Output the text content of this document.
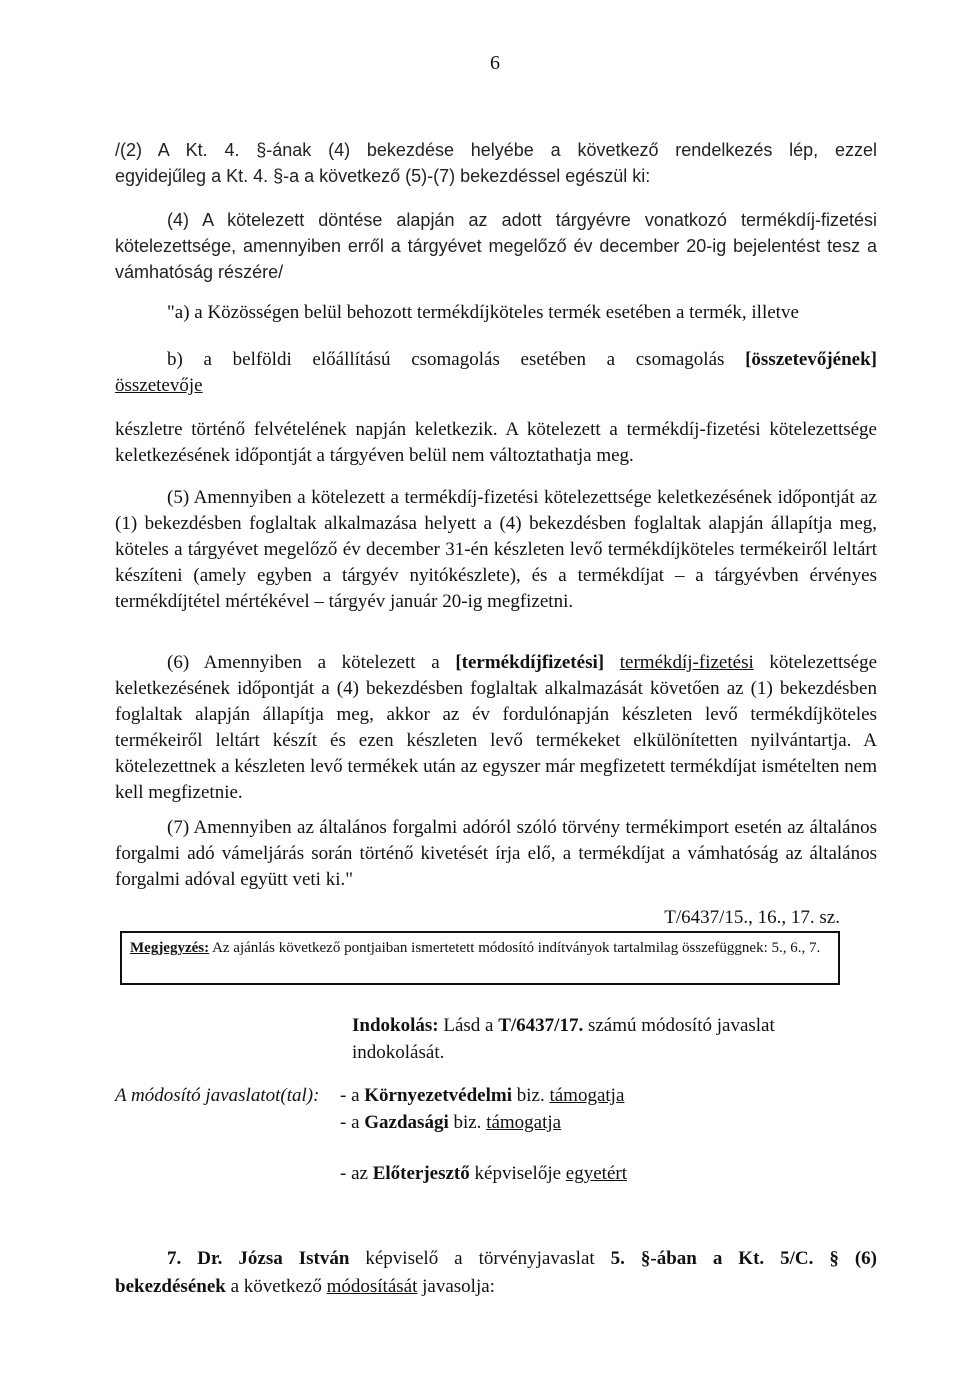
6

/(2) A Kt. 4. §-ának (4) bekezdése helyébe a következő rendelkezés lép, ezzel

egyidejűleg a Kt. 4. §-a a következő (5)-(7) bekezdéssel egészül ki:

(4) A kötelezett döntése alapján az adott tárgyévre vonatkozó termékdíj-fizetési kötelezettsége, amennyiben erről a tárgyévet megelőző év december 20-ig bejelentést tesz a vámhatóság részére/

"a) a Közösségen belül behozott termékdíjköteles termék esetében a termék, illetve

b) a belföldi előállítású csomagolás esetében a csomagolás [összetevőjének]

összetevője

készletre történő felvételének napján keletkezik. A kötelezett a termékdíj-fizetési kötelezettsége keletkezésének időpontját a tárgyéven belül nem változtathatja meg.

(5) Amennyiben a kötelezett a termékdíj-fizetési kötelezettsége keletkezésének időpontját az (1) bekezdésben foglaltak alkalmazása helyett a (4) bekezdésben foglaltak alapján állapítja meg, köteles a tárgyévet megelőző év december 31-én készleten levő termékdíjköteles termékeiről leltárt készíteni (amely egyben a tárgyév nyitókészlete), és a termékdíjat – a tárgyévben érvényes termékdíjtétel mértékével – tárgyév január 20-ig megfizetni.

(6) Amennyiben a kötelezett a [termékdíjfizetési] termékdíj-fizetési kötelezettsége keletkezésének időpontját a (4) bekezdésben foglaltak alkalmazását követően az (1) bekezdésben foglaltak alapján állapítja meg, akkor az év fordulónapján készleten levő termékdíjköteles termékeiről leltárt készít és ezen készleten levő termékeket elkülönítetten nyilvántartja. A kötelezettnek a készleten levő termékek után az egyszer már megfizetett termékdíjat ismételten nem kell megfizetnie.

(7) Amennyiben az általános forgalmi adóról szóló törvény termékimport esetén az általános forgalmi adó vámeljárás során történő kivetését írja elő, a termékdíjat a vámhatóság az általános forgalmi adóval együtt veti ki."

T/6437/15., 16., 17. sz.
Megjegyzés: Az ajánlás következő pontjaiban ismertetett módosító indítványok tartalmilag összefüggnek: 5., 6., 7.
Indokolás: Lásd a T/6437/17. számú módosító javaslat indokolását.
A módosító javaslatot(tal): - a Környezetvédelmi biz. támogatja
- a Gazdasági biz. támogatja
- az Előterjesztő képviselője egyetért

7. Dr. Józsa István képviselő a törvényjavaslat 5. §-ában a Kt. 5/C. § (6)

bekezdésének a következő módosítását javasolja:
